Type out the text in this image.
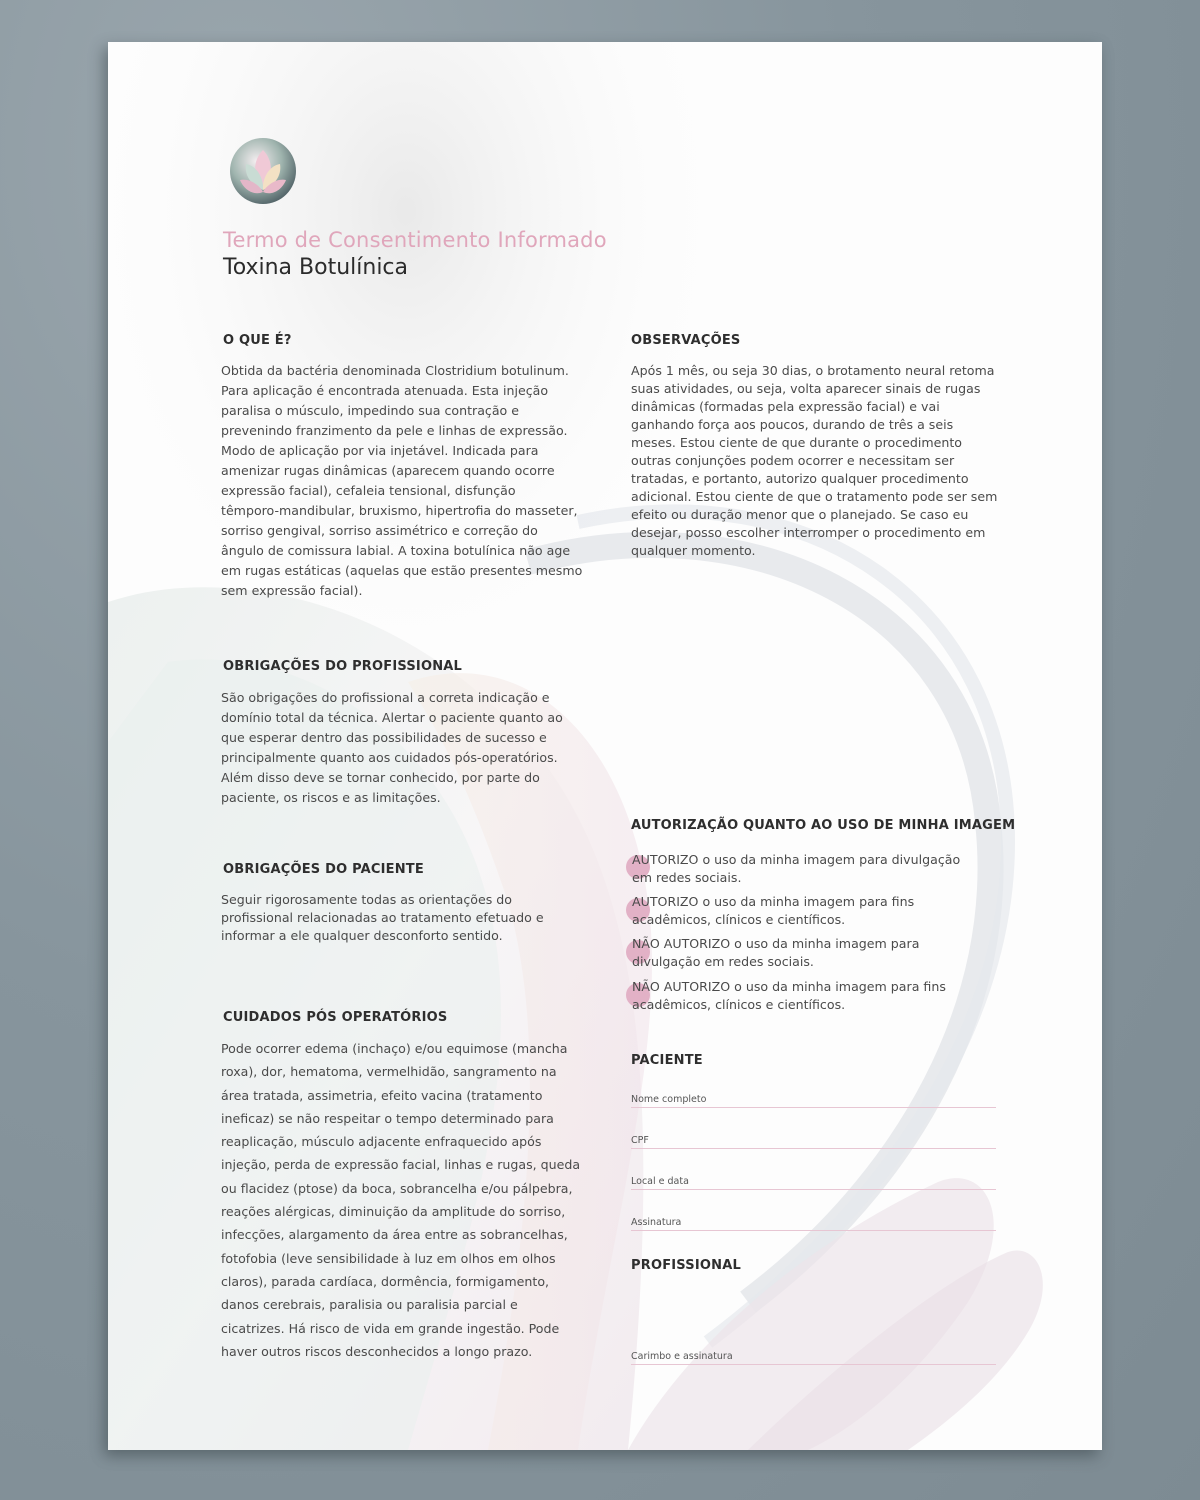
Termo de Consentimento Informado
Toxina Botulínica
O QUE É?
Obtida da bactéria denominada Clostridium botulinum.
Para aplicação é encontrada atenuada. Esta injeção
paralisa o músculo, impedindo sua contração e
prevenindo franzimento da pele e linhas de expressão.
Modo de aplicação por via injetável. Indicada para
amenizar rugas dinâmicas (aparecem quando ocorre
expressão facial), cefaleia tensional, disfunção
têmporo-mandibular, bruxismo, hipertrofia do masseter,
sorriso gengival, sorriso assimétrico e correção do
ângulo de comissura labial. A toxina botulínica não age
em rugas estáticas (aquelas que estão presentes mesmo
sem expressão facial).
OBRIGAÇÕES DO PROFISSIONAL
São obrigações do profissional a correta indicação e
domínio total da técnica. Alertar o paciente quanto ao
que esperar dentro das possibilidades de sucesso e
principalmente quanto aos cuidados pós-operatórios.
Além disso deve se tornar conhecido, por parte do
paciente, os riscos e as limitações.
OBRIGAÇÕES DO PACIENTE
Seguir rigorosamente todas as orientações do
profissional relacionadas ao tratamento efetuado e
informar a ele qualquer desconforto sentido.
CUIDADOS PÓS OPERATÓRIOS
Pode ocorrer edema (inchaço) e/ou equimose (mancha
roxa), dor, hematoma, vermelhidão, sangramento na
área tratada, assimetria, efeito vacina (tratamento
ineficaz) se não respeitar o tempo determinado para
reaplicação, músculo adjacente enfraquecido após
injeção, perda de expressão facial, linhas e rugas, queda
ou flacidez (ptose) da boca, sobrancelha e/ou pálpebra,
reações alérgicas, diminuição da amplitude do sorriso,
infecções, alargamento da área entre as sobrancelhas,
fotofobia (leve sensibilidade à luz em olhos em olhos
claros), parada cardíaca, dormência, formigamento,
danos cerebrais, paralisia ou paralisia parcial e
cicatrizes. Há risco de vida em grande ingestão. Pode
haver outros riscos desconhecidos a longo prazo.
OBSERVAÇÕES
Após 1 mês, ou seja 30 dias, o brotamento neural retoma
suas atividades, ou seja, volta aparecer sinais de rugas
dinâmicas (formadas pela expressão facial) e vai
ganhando força aos poucos, durando de três a seis
meses. Estou ciente de que durante o procedimento
outras conjunções podem ocorrer e necessitam ser
tratadas, e portanto, autorizo qualquer procedimento
adicional. Estou ciente de que o tratamento pode ser sem
efeito ou duração menor que o planejado. Se caso eu
desejar, posso escolher interromper o procedimento em
qualquer momento.
AUTORIZAÇÃO QUANTO AO USO DE MINHA IMAGEM
AUTORIZO o uso da minha imagem para divulgação
em redes sociais.
AUTORIZO o uso da minha imagem para fins
acadêmicos, clínicos e científicos.
NÃO AUTORIZO o uso da minha imagem para
divulgação em redes sociais.
NÃO AUTORIZO o uso da minha imagem para fins
acadêmicos, clínicos e científicos.
PACIENTE
Nome completo
CPF
Local e data
Assinatura
PROFISSIONAL
Carimbo e assinatura
